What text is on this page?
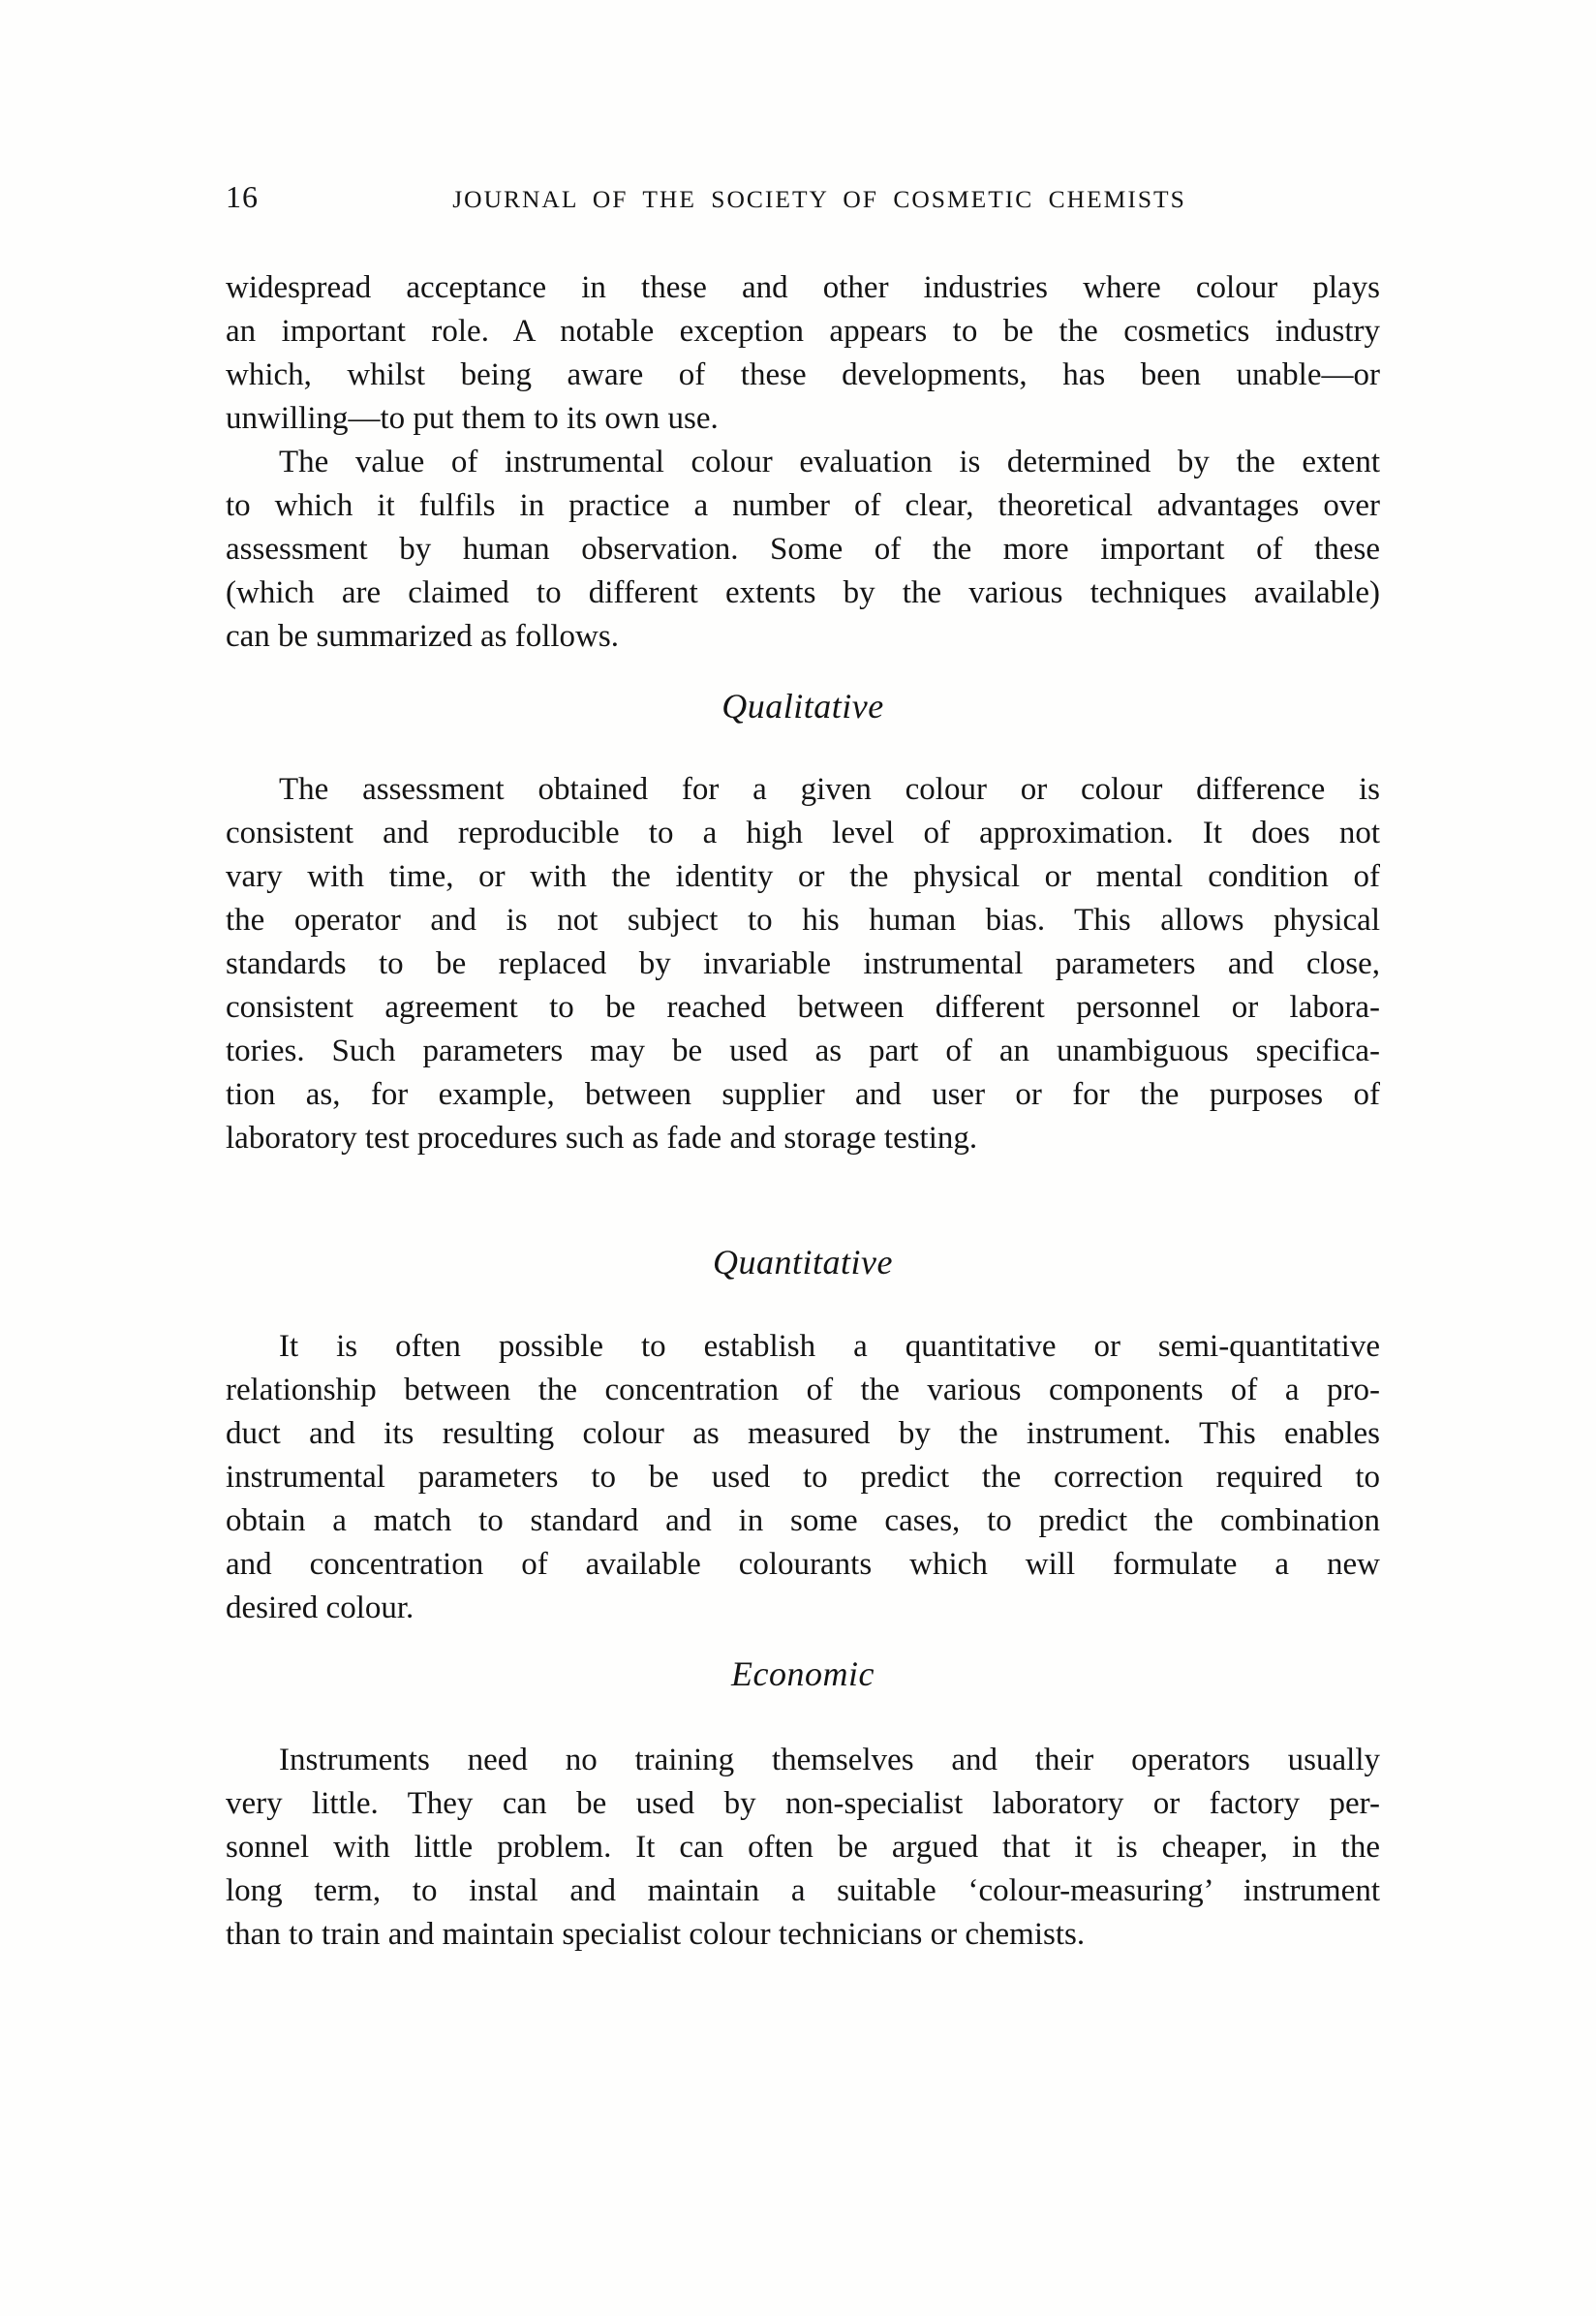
16	JOURNAL OF THE SOCIETY OF COSMETIC CHEMISTS
widespread acceptance in these and other industries where colour plays
an important role. A notable exception appears to be the cosmetics industry
which, whilst being aware of these developments, has been unable—or
unwilling—to put them to its own use.
The value of instrumental colour evaluation is determined by the extent
to which it fulfils in practice a number of clear, theoretical advantages over
assessment by human observation. Some of the more important of these
(which are claimed to different extents by the various techniques available)
can be summarized as follows.
Qualitative
The assessment obtained for a given colour or colour difference is
consistent and reproducible to a high level of approximation. It does not
vary with time, or with the identity or the physical or mental condition of
the operator and is not subject to his human bias. This allows physical
standards to be replaced by invariable instrumental parameters and close,
consistent agreement to be reached between different personnel or labora-
tories. Such parameters may be used as part of an unambiguous specifica-
tion as, for example, between supplier and user or for the purposes of
laboratory test procedures such as fade and storage testing.
Quantitative
It is often possible to establish a quantitative or semi-quantitative
relationship between the concentration of the various components of a pro-
duct and its resulting colour as measured by the instrument. This enables
instrumental parameters to be used to predict the correction required to
obtain a match to standard and in some cases, to predict the combination
and concentration of available colourants which will formulate a new
desired colour.
Economic
Instruments need no training themselves and their operators usually
very little. They can be used by non-specialist laboratory or factory per-
sonnel with little problem. It can often be argued that it is cheaper, in the
long term, to instal and maintain a suitable ‘colour-measuring’ instrument
than to train and maintain specialist colour technicians or chemists.
